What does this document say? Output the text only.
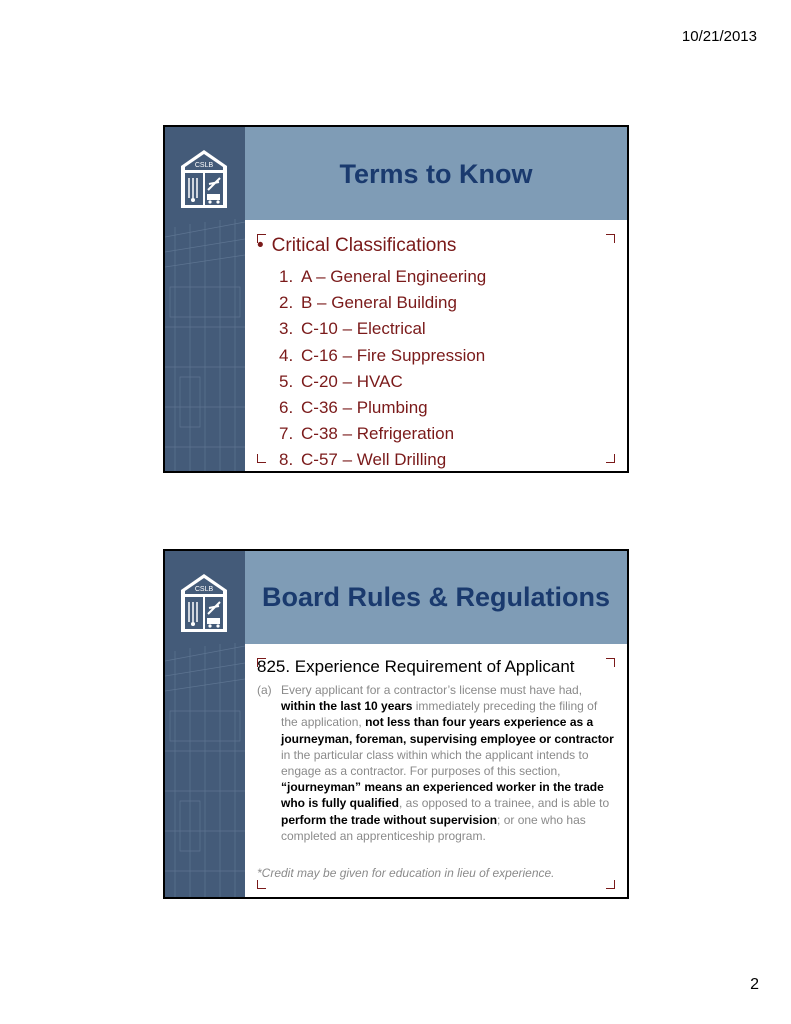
10/21/2013
CSLB	Terms to Know
• Critical Classifications
1. A – General Engineering
2. B – General Building
3. C-10 – Electrical
4. C-16 – Fire Suppression
5. C-20 – HVAC
6. C-36 – Plumbing
7. C-38 – Refrigeration
8. C-57 – Well Drilling
CSLB Board Rules & Regulations
825. Experience Requirement of Applicant
(a) Every applicant for a contractor’s license must have had, within the last 10 years immediately preceding the filing of the application, not less than four years experience as a journeyman, foreman, supervising employee or contractor in the particular class within which the applicant intends to engage as a contractor. For purposes of this section, “journeyman” means an experienced worker in the trade who is fully qualified, as opposed to a trainee, and is able to perform the trade without supervision; or one who has completed an apprenticeship program.
*Credit may be given for education in lieu of experience.
2
